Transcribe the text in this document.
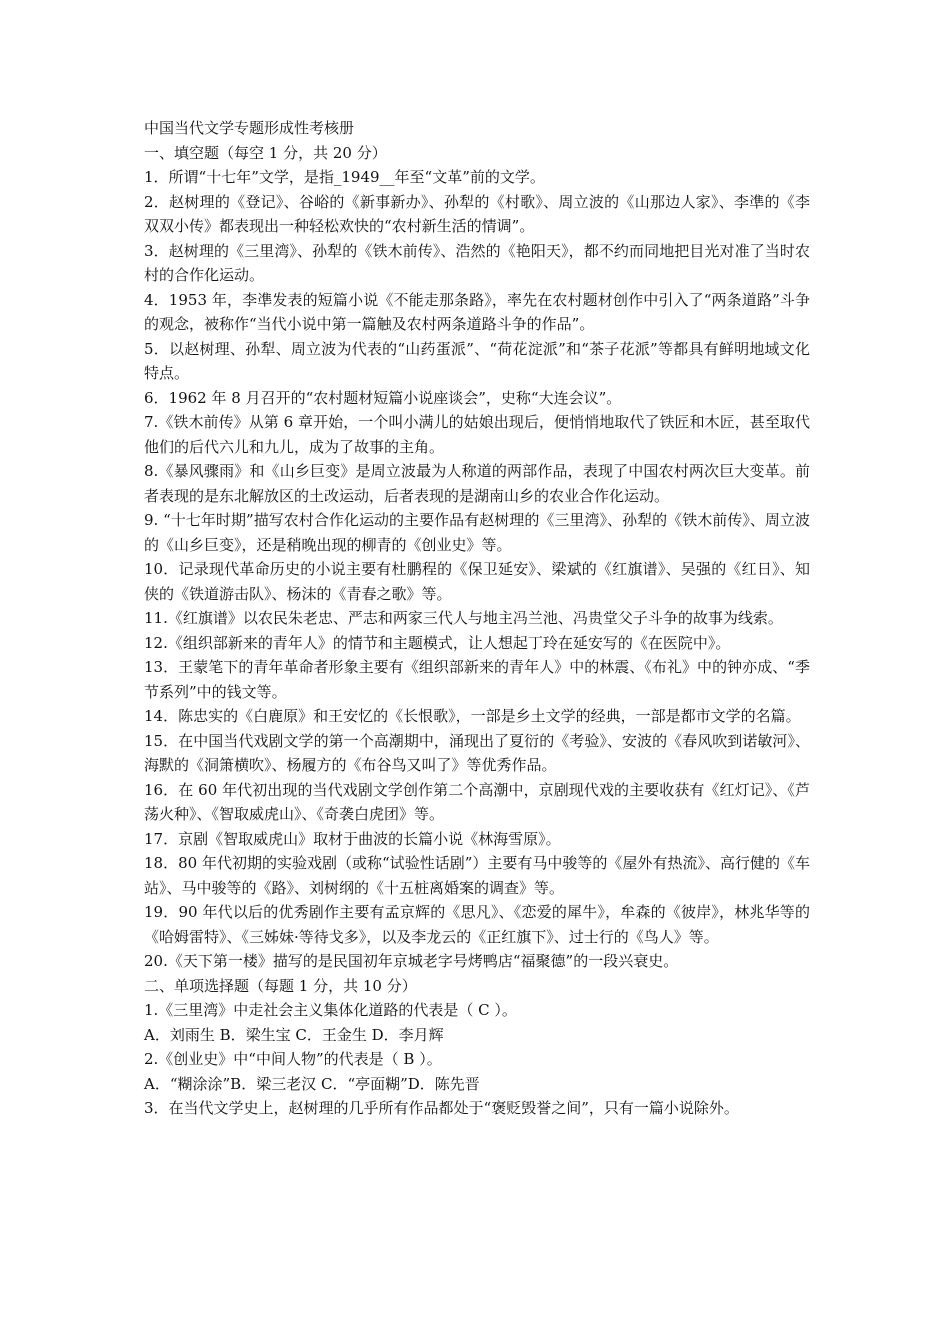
中国当代文学专题形成性考核册

一、填空题（每空 1 分，共 20 分）

1．所谓“十七年”文学，是指_1949__年至“文革”前的文学。

2．赵树理的《登记》、谷峪的《新事新办》、孙犁的《村歌》、周立波的《山那边人家》、李凖的《李双双小传》都表现出一种轻松欢快的“农村新生活的情调”。

3．赵树理的《三里湾》、孙犁的《铁木前传》、浩然的《艳阳天》，都不约而同地把目光对准了当时农村的合作化运动。

4．1953 年，李凖发表的短篇小说《不能走那条路》，率先在农村题材创作中引入了“两条道路”斗争的观念，被称作“当代小说中第一篇触及农村两条道路斗争的作品”。

5．以赵树理、孙犁、周立波为代表的“山药蛋派”、“荷花淀派”和“茶子花派”等都具有鲜明地域文化特点。

6．1962 年 8 月召开的“农村题材短篇小说座谈会”，史称“大连会议”。

7.《铁木前传》从第 6 章开始，一个叫小满儿的姑娘出现后，便悄悄地取代了铁匠和木匠，甚至取代他们的后代六儿和九儿，成为了故事的主角。

8.《暴风骤雨》和《山乡巨变》是周立波最为人称道的两部作品，表现了中国农村两次巨大变革。前者表现的是东北解放区的土改运动，后者表现的是湖南山乡的农业合作化运动。

9. “十七年时期”描写农村合作化运动的主要作品有赵树理的《三里湾》、孙犁的《铁木前传》、周立波的《山乡巨变》，还是稍晚出现的柳青的《创业史》等。

10．记录现代革命历史的小说主要有杜鹏程的《保卫延安》、梁斌的《红旗谱》、吴强的《红日》、知侠的《铁道游击队》、杨沫的《青春之歌》等。

11.《红旗谱》以农民朱老忠、严志和两家三代人与地主冯兰池、冯贵堂父子斗争的故事为线索。

12.《组织部新来的青年人》的情节和主题模式，让人想起丁玲在延安写的《在医院中》。

13．王蒙笔下的青年革命者形象主要有《组织部新来的青年人》中的林震、《布礼》中的钟亦成、“季节系列”中的钱文等。

14．陈忠实的《白鹿原》和王安忆的《长恨歌》，一部是乡土文学的经典，一部是都市文学的名篇。

15．在中国当代戏剧文学的第一个高潮期中，涌现出了夏衍的《考验》、安波的《春风吹到诺敏河》、海默的《洞箫横吹》、杨履方的《布谷鸟又叫了》等优秀作品。

16．在 60 年代初出现的当代戏剧文学创作第二个高潮中，京剧现代戏的主要收获有《红灯记》、《芦荡火种》、《智取威虎山》、《奇袭白虎团》等。

17．京剧《智取威虎山》取材于曲波的长篇小说《林海雪原》。

18．80 年代初期的实验戏剧（或称“试验性话剧”）主要有马中骏等的《屋外有热流》、高行健的《车站》、马中骏等的《路》、刘树纲的《十五桩离婚案的调查》等。

19．90 年代以后的优秀剧作主要有孟京辉的《思凡》、《恋爱的犀牛》，牟森的《彼岸》，林兆华等的《哈姆雷特》、《三姊妹·等待戈多》，以及李龙云的《正红旗下》、过士行的《鸟人》等。

20.《天下第一楼》描写的是民国初年京城老字号烤鸭店“福聚德”的一段兴衰史。

二、单项选择题（每题 1 分，共 10 分）

1.《三里湾》中走社会主义集体化道路的代表是（ C ）。

A．刘雨生 B．梁生宝 C．王金生 D．李月辉

2.《创业史》中“中间人物”的代表是（ B ）。

A．“糊涂涂”B．梁三老汉 C．“亭面糊”D．陈先晋

3．在当代文学史上，赵树理的几乎所有作品都处于“褒贬毁誉之间”，只有一篇小说除外。
